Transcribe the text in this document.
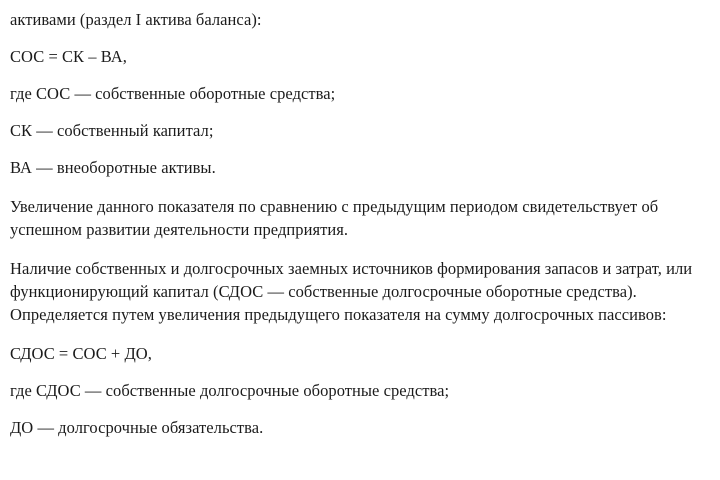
активами (раздел I актива баланса):

СОС = СК – ВА,

где СОС — собственные оборотные средства;

СК — собственный капитал;

ВА — внеоборотные активы.

Увеличение данного показателя по сравнению с предыдущим периодом свидетельствует об успешном развитии деятельности предприятия.

Наличие собственных и долгосрочных заемных источников формирования запасов и затрат, или функционирующий капитал (СДОС — собственные долгосрочные оборотные средства). Определяется путем увеличения предыдущего показателя на сумму долгосрочных пассивов:

СДОС = СОС + ДО,

где СДОС — собственные долгосрочные оборотные средства;

ДО — долгосрочные обязательства.
